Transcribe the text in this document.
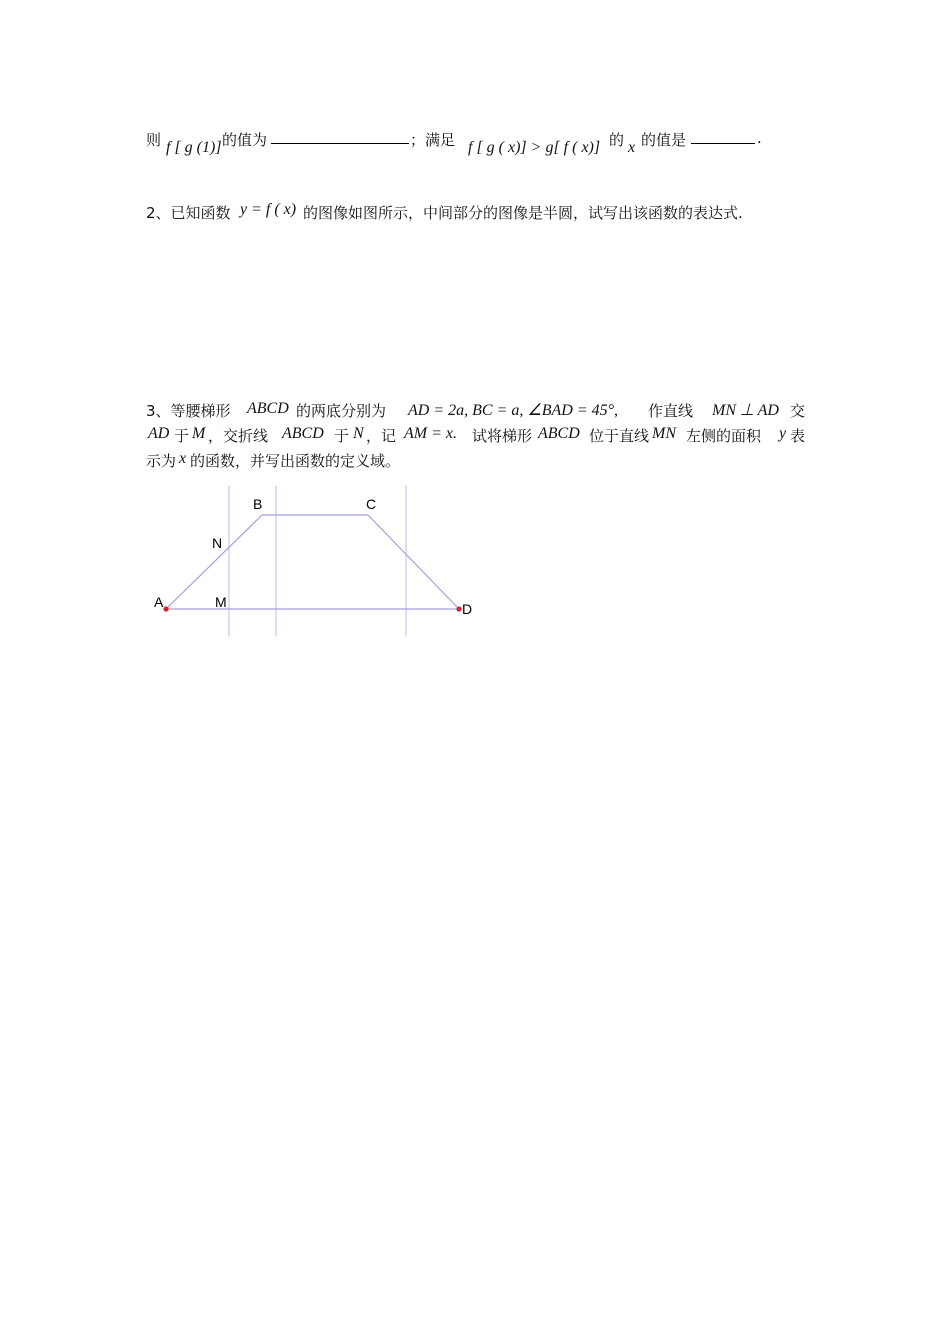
则 f [ g (1)] 的值为	；满足 f [ g ( x)] > g[ f ( x)] 的 x 的值是	.
2、已知函数 y = f ( x) 的图像如图所示，中间部分的图像是半圆，试写出该函数的表达式.
3、等腰梯形 ABCD 的两底分别为 AD = 2a, BC = a, ∠BAD = 45°, 作直线 MN ⊥ AD 交
AD 于 M ，交折线 ABCD 于 N ，记 AM = x. 试将梯形 ABCD 位于直线 MN 左侧的面积 y 表
示为 x 的函数，并写出函数的定义域。
A
B	C
D
M
N
